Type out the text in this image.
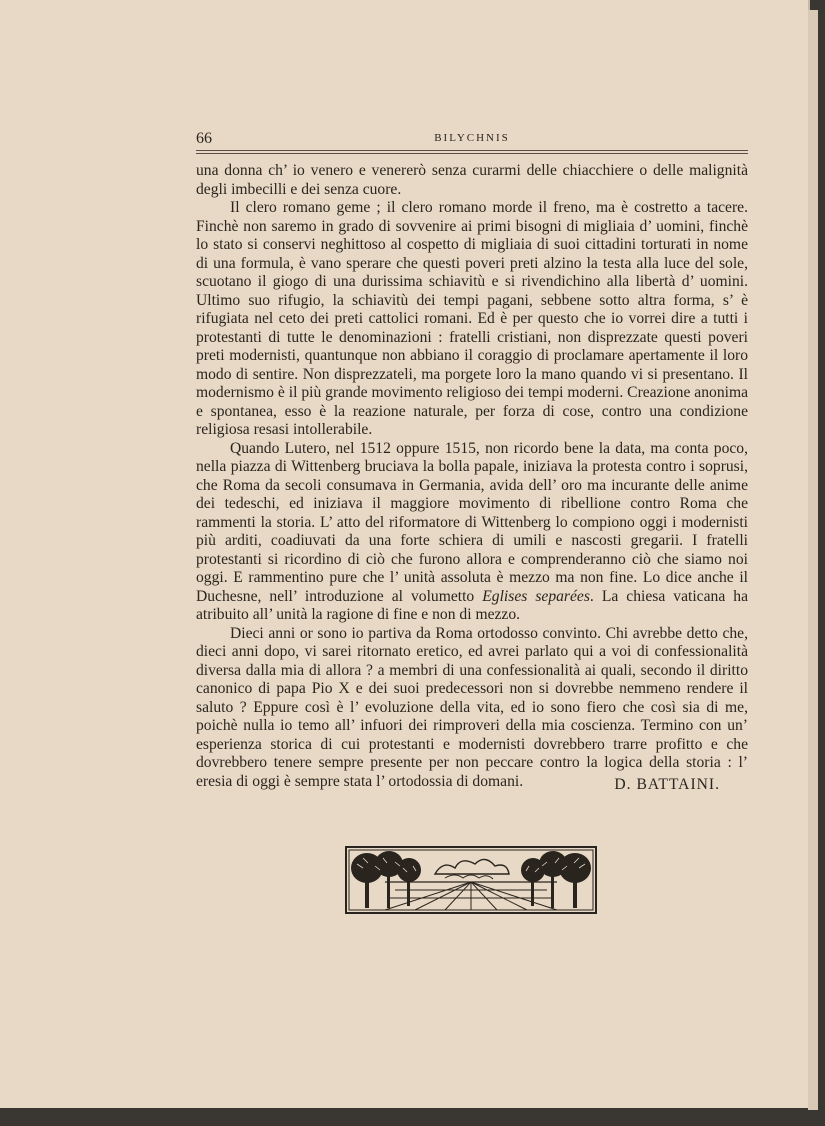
66	BILYCHNIS

una donna ch’ io venero e venererò senza curarmi delle chiacchiere o delle malignità degli imbecilli e dei senza cuore.

Il clero romano geme ; il clero romano morde il freno, ma è costretto a tacere. Finchè non saremo in grado di sovvenire ai primi bisogni di migliaia d’ uomini, finchè lo stato si conservi neghittoso al cospetto di migliaia di suoi cittadini torturati in nome di una formula, è vano sperare che questi poveri preti alzino la testa alla luce del sole, scuotano il giogo di una durissima schiavitù e si rivendichino alla libertà d’ uomini. Ultimo suo rifugio, la schiavitù dei tempi pagani, sebbene sotto altra forma, s’ è rifugiata nel ceto dei preti cattolici romani. Ed è per questo che io vorrei dire a tutti i protestanti di tutte le denominazioni : fratelli cristiani, non disprezzate questi poveri preti modernisti, quantunque non abbiano il coraggio di proclamare apertamente il loro modo di sentire. Non disprezzateli, ma porgete loro la mano quando vi si presentano. Il modernismo è il più grande movimento religioso dei tempi moderni. Creazione anonima e spontanea, esso è la reazione naturale, per forza di cose, contro una condizione religiosa resasi intollerabile.

Quando Lutero, nel 1512 oppure 1515, non ricordo bene la data, ma conta poco, nella piazza di Wittenberg bruciava la bolla papale, iniziava la protesta contro i soprusi, che Roma da secoli consumava in Germania, avida dell’ oro ma incurante delle anime dei tedeschi, ed iniziava il maggiore movimento di ribellione contro Roma che rammenti la storia. L’ atto del riformatore di Wittenberg lo compiono oggi i modernisti più arditi, coadiuvati da una forte schiera di umili e nascosti gregarii. I fratelli protestanti si ricordino di ciò che furono allora e comprenderanno ciò che siamo noi oggi. E rammentino pure che l’ unità assoluta è mezzo ma non fine. Lo dice anche il Duchesne, nell’ introduzione al volumetto Eglises separées. La chiesa vaticana ha atribuito all’ unità la ragione di fine e non di mezzo.

Dieci anni or sono io partiva da Roma ortodosso convinto. Chi avrebbe detto che, dieci anni dopo, vi sarei ritornato eretico, ed avrei parlato qui a voi di confessionalità diversa dalla mia di allora ? a membri di una confessionalità ai quali, secondo il diritto canonico di papa Pio X e dei suoi predecessori non si dovrebbe nemmeno rendere il saluto ? Eppure così è l’ evoluzione della vita, ed io sono fiero che così sia di me, poichè nulla io temo all’ infuori dei rimproveri della mia coscienza. Termino con un’ esperienza storica di cui protestanti e modernisti dovrebbero trarre profitto e che dovrebbero tenere sempre presente per non peccare contro la logica della storia : l’ eresia di oggi è sempre stata l’ ortodossia di domani.	D. BATTAINI.
